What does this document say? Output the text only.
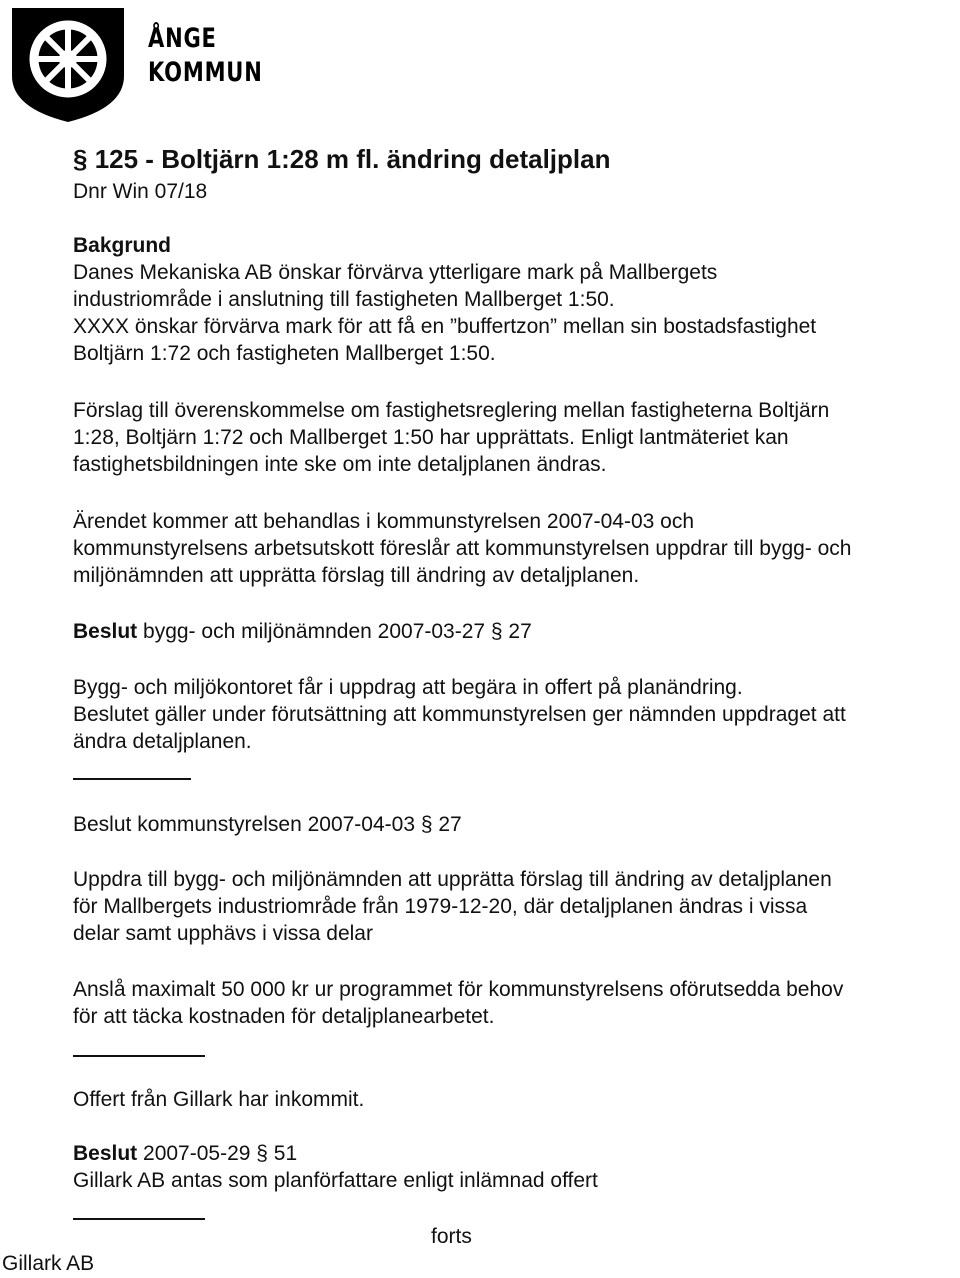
ÅNGE
KOMMUN
§ 125 - Boltjärn 1:28 m fl. ändring detaljplan
Dnr Win 07/18
Bakgrund
Danes Mekaniska AB önskar förvärva ytterligare mark på Mallbergets
industriområde i anslutning till fastigheten Mallberget 1:50.
XXXX önskar förvärva mark för att få en ”buffertzon” mellan sin bostadsfastighet
Boltjärn 1:72 och fastigheten Mallberget 1:50.
Förslag till överenskommelse om fastighetsreglering mellan fastigheterna Boltjärn
1:28, Boltjärn 1:72 och Mallberget 1:50 har upprättats. Enligt lantmäteriet kan
fastighetsbildningen inte ske om inte detaljplanen ändras.
Ärendet kommer att behandlas i kommunstyrelsen 2007-04-03 och
kommunstyrelsens arbetsutskott föreslår att kommunstyrelsen uppdrar till bygg- och
miljönämnden att upprätta förslag till ändring av detaljplanen.
Beslut bygg- och miljönämnden 2007-03-27 § 27
Bygg- och miljökontoret får i uppdrag att begära in offert på planändring.
Beslutet gäller under förutsättning att kommunstyrelsen ger nämnden uppdraget att
ändra detaljplanen.
Beslut kommunstyrelsen 2007-04-03 § 27
Uppdra till bygg- och miljönämnden att upprätta förslag till ändring av detaljplanen
för Mallbergets industriområde från 1979-12-20, där detaljplanen ändras i vissa
delar samt upphävs i vissa delar
Anslå maximalt 50 000 kr ur programmet för kommunstyrelsens oförutsedda behov
för att täcka kostnaden för detaljplanearbetet.
Offert från Gillark har inkommit.
Beslut 2007-05-29 § 51
Gillark AB antas som planförfattare enligt inlämnad offert
forts
Gillark AB
